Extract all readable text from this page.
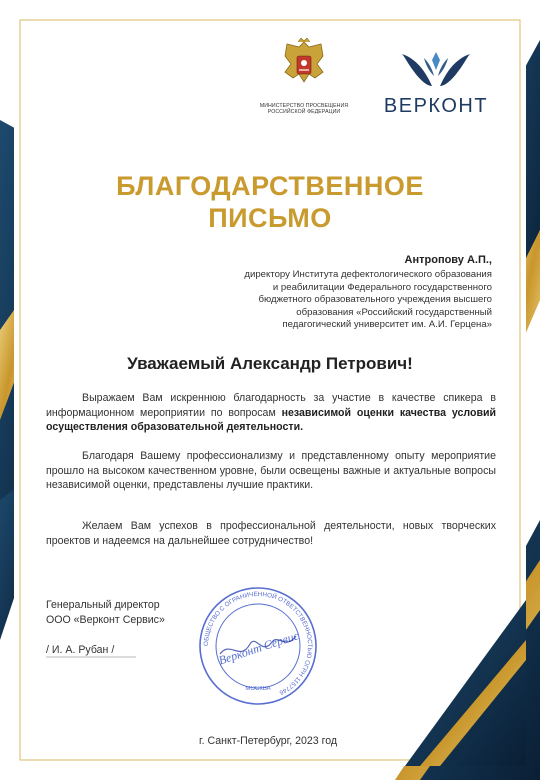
МИНИСТЕРСТВО ПРОСВЕЩЕНИЯ
РОССИЙСКОЙ ФЕДЕРАЦИИ	ВЕРКОНТ
БЛАГОДАРСТВЕННОЕ
ПИСЬМО
Антропову А.П.,
директору Института дефектологического образования и реабилитации Федерального государственного бюджетного образовательного учреждения высшего образования «Российский государственный педагогический университет им. А.И. Герцена»
Уважаемый Александр Петрович!
Выражаем Вам искреннюю благодарность за участие в качестве спикера в информационном мероприятии по вопросам независимой оценки качества условий осуществления образовательной деятельности.
Благодаря Вашему профессионализму и представленному опыту мероприятие прошло на высоком качественном уровне, были освещены важные и актуальные вопросы независимой оценки, представлены лучшие практики.
Желаем Вам успехов в профессиональной деятельности, новых творческих проектов и надеемся на дальнейшее сотрудничество!
Генеральный директор
ООО «Верконт Сервис»
/ И. А. Рубан /
ОБЩЕСТВО С ОГРАНИЧЕННОЙ ОТВЕТСТВЕННОСТЬЮ ОГРН 1157746
МОСКВА
Верконт Сервис
г. Санкт-Петербург, 2023 год
